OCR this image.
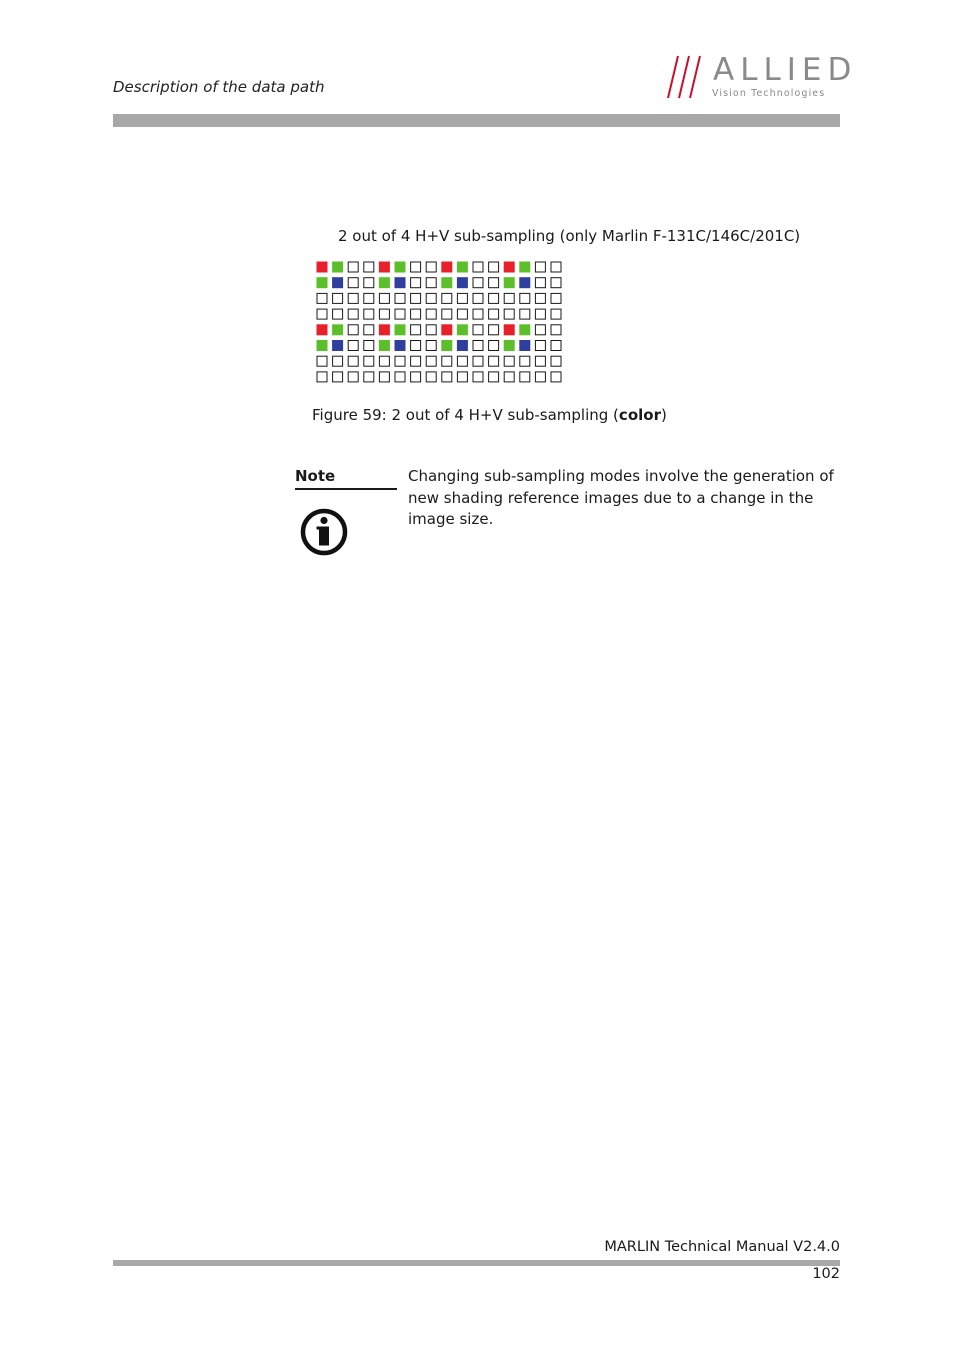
Description of the data path	ALLIED
Vision Technologies
2 out of 4 H+V sub-sampling (only Marlin F-131C/146C/201C)
Figure 59: 2 out of 4 H+V sub-sampling (color)
Note	Changing sub-sampling modes involve the generation of new shading reference images due to a change in the image size.
MARLIN Technical Manual V2.4.0
102
